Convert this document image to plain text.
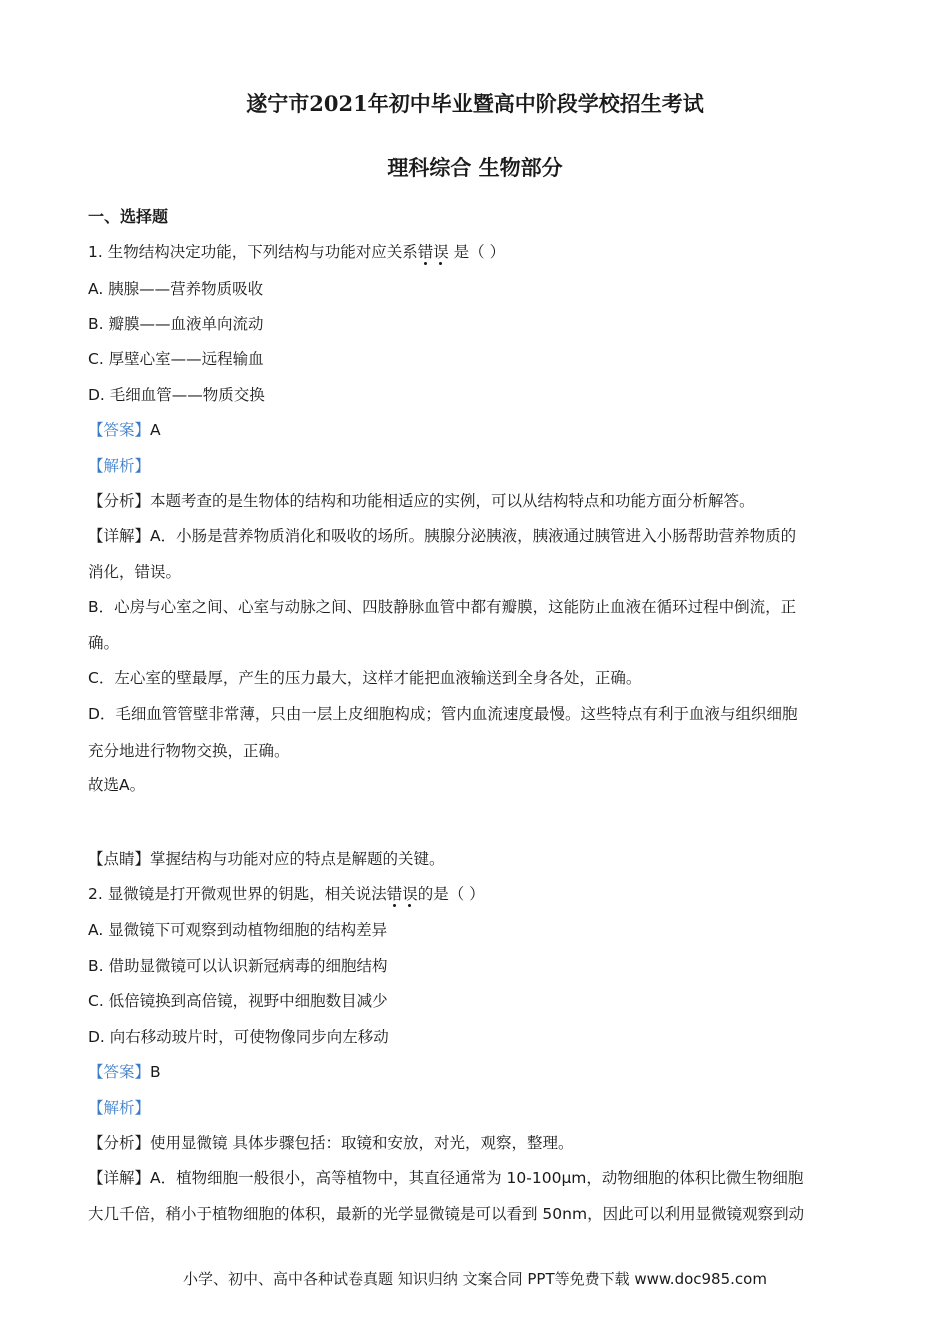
遂宁市2021年初中毕业暨高中阶段学校招生考试
理科综合 生物部分
一、选择题
1. 生物结构决定功能，下列结构与功能对应关系错误 是（ ）
A. 胰腺——营养物质吸收
B. 瓣膜——血液单向流动
C. 厚壁心室——远程输血
D. 毛细血管——物质交换
【答案】A
【解析】
【分析】本题考查的是生物体的结构和功能相适应的实例，可以从结构特点和功能方面分析解答。
【详解】A．小肠是营养物质消化和吸收的场所。胰腺分泌胰液，胰液通过胰管进入小肠帮助营养物质的
消化，错误。
B．心房与心室之间、心室与动脉之间、四肢静脉血管中都有瓣膜，这能防止血液在循环过程中倒流，正
确。
C．左心室的壁最厚，产生的压力最大，这样才能把血液输送到全身各处，正确。
D．毛细血管管壁非常薄，只由一层上皮细胞构成；管内血流速度最慢。这些特点有利于血液与组织细胞
充分地进行物物交换，正确。
故选A。
【点睛】掌握结构与功能对应的特点是解题的关键。
2. 显微镜是打开微观世界的钥匙，相关说法错误的是（ ）
A. 显微镜下可观察到动植物细胞的结构差异
B. 借助显微镜可以认识新冠病毒的细胞结构
C. 低倍镜换到高倍镜，视野中细胞数目减少
D. 向右移动玻片时，可使物像同步向左移动
【答案】B
【解析】
【分析】使用显微镜 具体步骤包括：取镜和安放，对光，观察，整理。
【详解】A．植物细胞一般很小，高等植物中，其直径通常为 10-100μm，动物细胞的体积比微生物细胞
大几千倍，稍小于植物细胞的体积，最新的光学显微镜是可以看到 50nm，因此可以利用显微镜观察到动
小学、初中、高中各种试卷真题 知识归纳 文案合同 PPT等免费下载 www.doc985.com
